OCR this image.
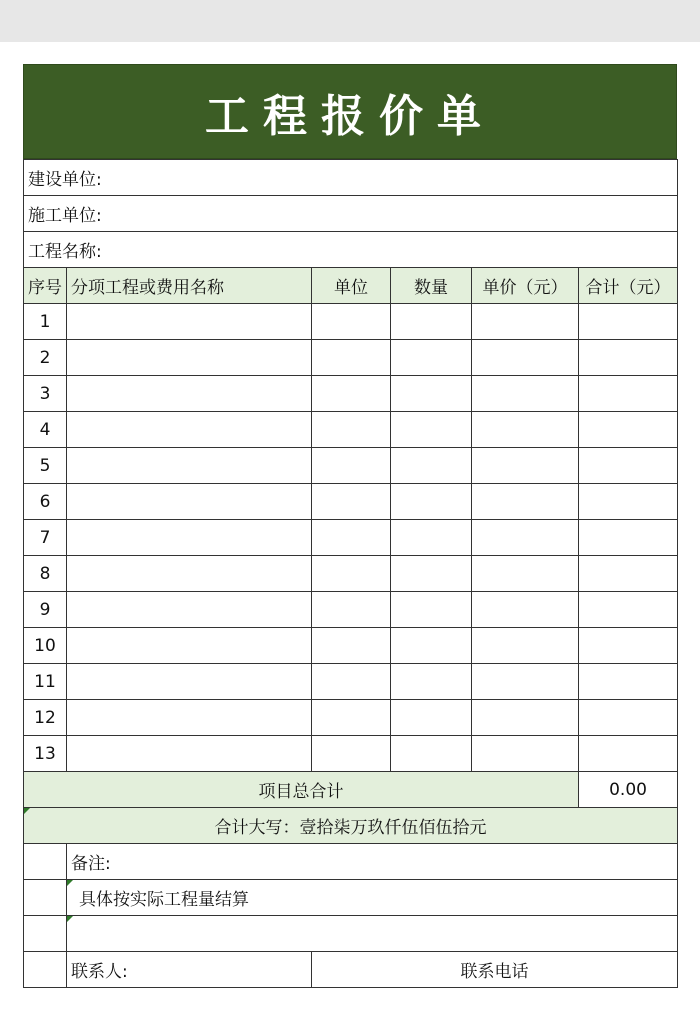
工程报价单
建设单位:					
施工单位:					
工程名称:					
序号	分项工程或费用名称	单位	数量	单价（元）	合计（元）
1					
2					
3					
4					
5					
6					
7					
8					
9					
10					
11					
12					
13					
项目总合计					0.00
合计大写：壹拾柒万玖仟伍佰伍拾元					
	备注:				
	具体按实际工程量结算				

	联系人:	联系电话			
